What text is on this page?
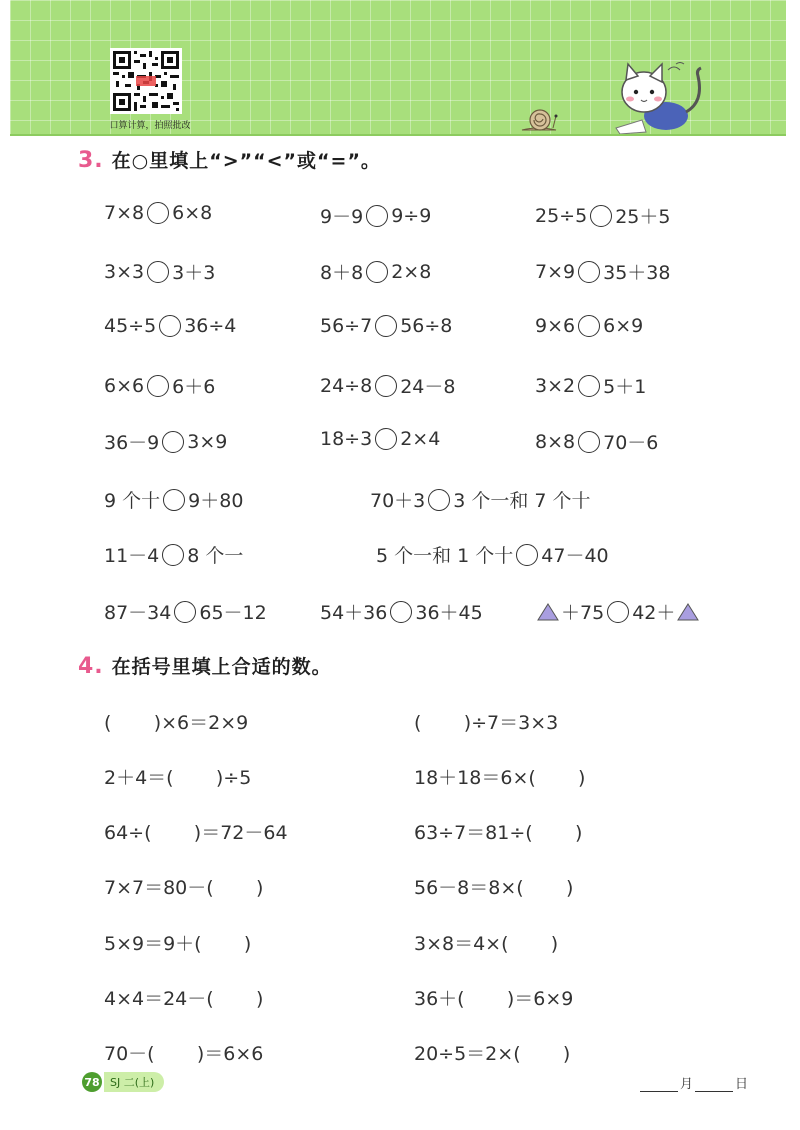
口算计算，拍照批改
3. 在○里填上“>”“<”或“=”。
7×8 6×8	9－9 9÷9	25÷5 25＋5
3×3 3＋3	8＋8 2×8	7×9 35＋38
45÷5 36÷4	56÷7 56÷8	9×6 6×9
6×6 6＋6	24÷8 24－8	3×2 5＋1
36－9 3×9	18÷3 2×4	8×8 70－6
9 个十 9＋80	70＋3 3 个一和 7 个十
11－4 8 个一	5 个一和 1 个十 47－40
87－34 65－12	54＋36 36＋45	＋75 42＋
4. 在括号里填上合适的数。
(       )×6＝2×9	(       )÷7＝3×3
2＋4＝(       )÷5	18＋18＝6×(       )
64÷(       )＝72－64	63÷7＝81÷(       )
7×7＝80－(       )	56－8＝8×(       )
5×9＝9＋(       )	3×8＝4×(       )
4×4＝24－(       )	36＋(       )＝6×9
70－(       )＝6×6	20÷5＝2×(       )
78 SJ 二(上)	月	日
